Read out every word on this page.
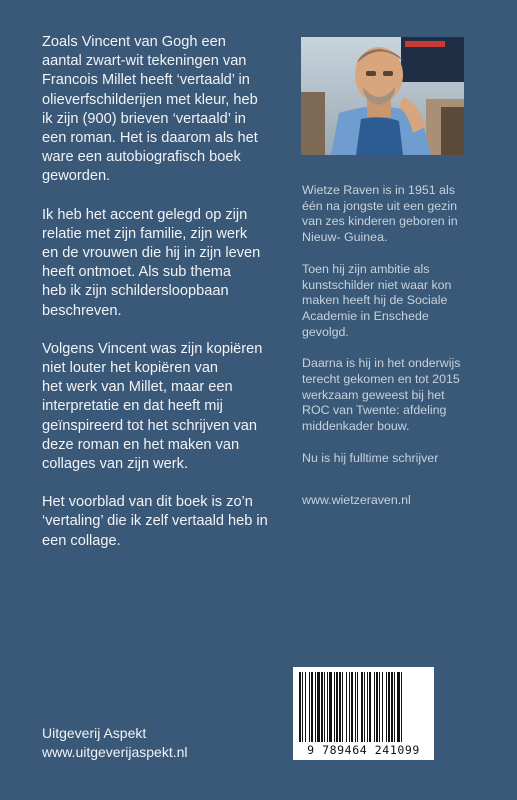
Zoals Vincent van Gogh een
aantal zwart-wit tekeningen van
Francois Millet heeft ‘vertaald’ in
olieverfschilderijen met kleur, heb
ik zijn (900) brieven ‘vertaald’ in
een roman. Het is daarom als het
ware een autobiografisch boek
geworden.

Ik heb het accent gelegd op zijn
relatie met zijn familie, zijn werk
en de vrouwen die hij in zijn leven
heeft ontmoet. Als sub thema
heb ik zijn schildersloopbaan
beschreven.

Volgens Vincent was zijn kopiëren
niet louter het kopiëren van
het werk van Millet, maar een
interpretatie en dat heeft mij
geïnspireerd tot het schrijven van
deze roman en het maken van
collages van zijn werk.

Het voorblad van dit boek is zo’n
‘vertaling’ die ik zelf vertaald heb in
een collage.

Wietze Raven is in 1951 als
één na jongste uit een gezin
van zes kinderen geboren in
Nieuw- Guinea.

Toen hij zijn ambitie als
kunstschilder niet waar kon
maken heeft hij de Sociale
Academie in Enschede
gevolgd.

Daarna is hij in het onderwijs
terecht gekomen en tot 2015
werkzaam geweest bij het
ROC van Twente: afdeling
middenkader bouw.

Nu is hij fulltime schrijver

www.wietzeraven.nl

Uitgeverij Aspekt
www.uitgeverijaspekt.nl	9 789464 241099
